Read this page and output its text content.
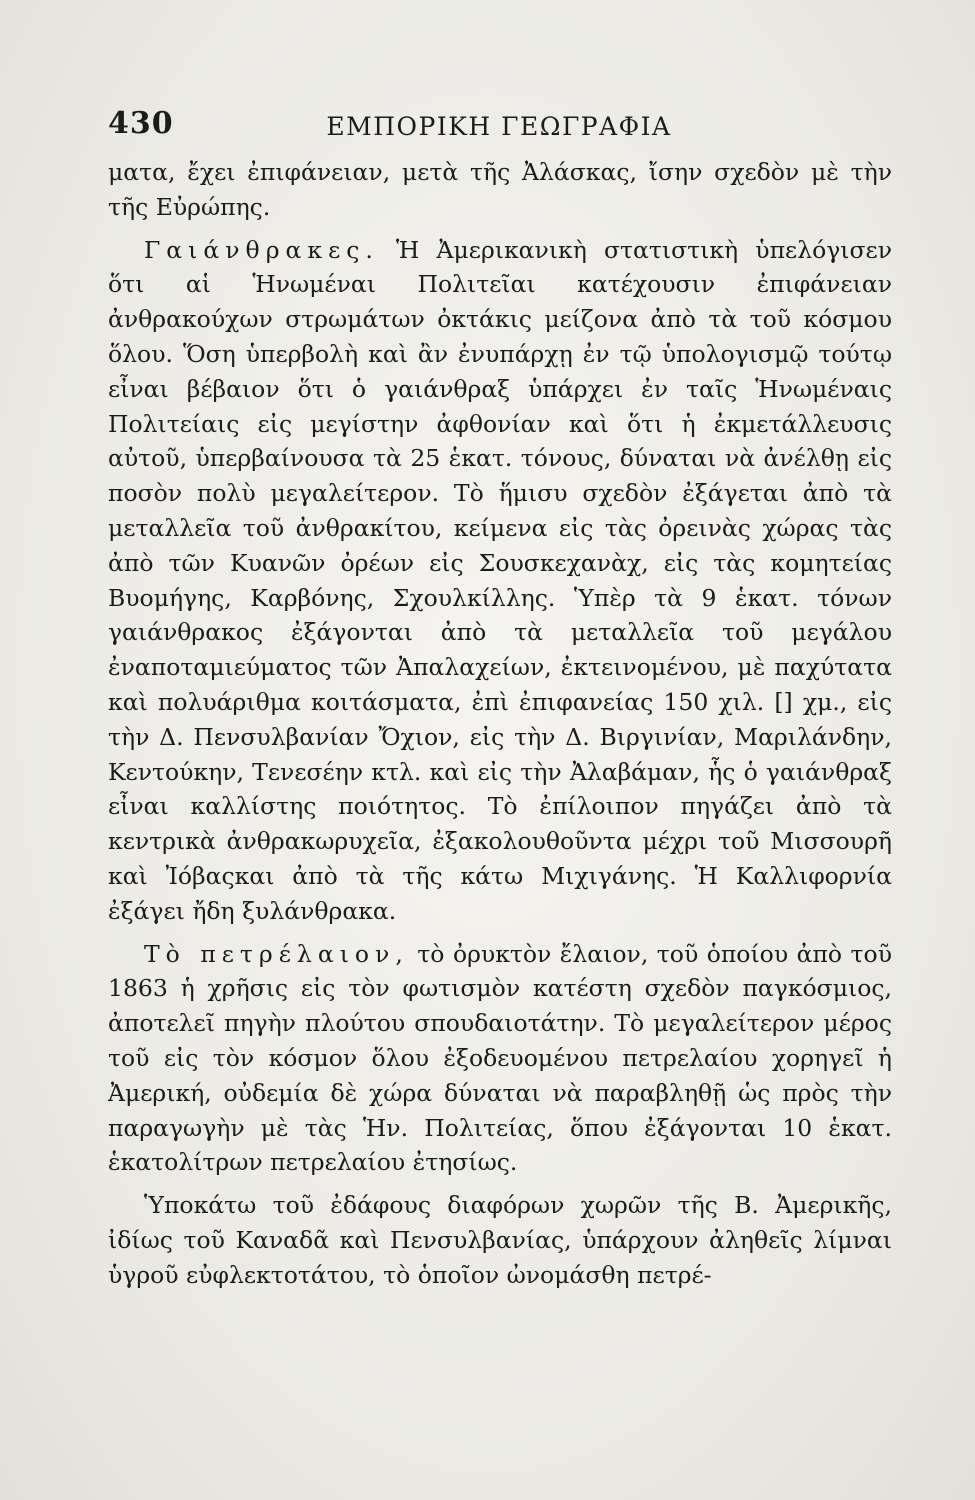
430	ΕΜΠΟΡΙΚΗ ΓΕΩΓΡΑΦΙΑ

ματα, ἔχει ἐπιφάνειαν, μετὰ τῆς Ἀλάσκας, ἴσην σχεδὸν μὲ τὴν τῆς Εὐρώπης.

Γαιάνθρακες. Ἡ Ἀμερικανικὴ στατιστικὴ ὑπελόγισεν ὅτι αἱ Ἡνωμέναι Πολιτεῖαι κατέχουσιν ἐπιφάνειαν ἀνθρακούχων στρωμάτων ὀκτάκις μείζονα ἀπὸ τὰ τοῦ κόσμου ὅλου. Ὅση ὑπερβολὴ καὶ ἂν ἐνυπάρχῃ ἐν τῷ ὑπολογισμῷ τούτῳ εἶναι βέβαιον ὅτι ὁ γαιάνθραξ ὑπάρχει ἐν ταῖς Ἡνωμέναις Πολιτείαις εἰς μεγίστην ἀφθονίαν καὶ ὅτι ἡ ἐκμετάλλευσις αὐτοῦ, ὑπερβαίνουσα τὰ 25 ἑκατ. τόνους, δύναται νὰ ἀνέλθῃ εἰς ποσὸν πολὺ μεγαλείτερον. Τὸ ἥμισυ σχεδὸν ἐξάγεται ἀπὸ τὰ μεταλλεῖα τοῦ ἀνθρακίτου, κείμενα εἰς τὰς ὀρεινὰς χώρας τὰς ἀπὸ τῶν Κυανῶν ὀρέων εἰς Σουσκεχανὰχ, εἰς τὰς κομητείας Βυομήγης, Καρβόνης, Σχουλκίλλης. Ὑπὲρ τὰ 9 ἑκατ. τόνων γαιάνθρακος ἐξάγονται ἀπὸ τὰ μεταλλεῖα τοῦ μεγάλου ἐναποταμιεύματος τῶν Ἀπαλαχείων, ἐκτεινομένου, μὲ παχύτατα καὶ πολυάριθμα κοιτάσματα, ἐπὶ ἐπιφανείας 150 χιλ. [] χμ., εἰς τὴν Δ. Πενσυλβανίαν Ὄχιον, εἰς τὴν Δ. Βιργινίαν, Μαριλάνδην, Κεντούκην, Τενεσέην κτλ. καὶ εἰς τὴν Ἀλαβάμαν, ἧς ὁ γαιάνθραξ εἶναι καλλίστης ποιότητος. Τὸ ἐπίλοιπον πηγάζει ἀπὸ τὰ κεντρικὰ ἀνθρακωρυχεῖα, ἐξακολουθοῦντα μέχρι τοῦ Μισσουρῆ καὶ Ἰόβαςκαι ἀπὸ τὰ τῆς κάτω Μιχιγάνης. Ἡ Καλλιφορνία ἐξάγει ἤδη ξυλάνθρακα.

Τὸ πετρέλαιον, τὸ ὀρυκτὸν ἔλαιον, τοῦ ὁποίου ἀπὸ τοῦ 1863 ἡ χρῆσις εἰς τὸν φωτισμὸν κατέστη σχεδὸν παγκόσμιος, ἀποτελεῖ πηγὴν πλούτου σπουδαιοτάτην. Τὸ μεγαλείτερον μέρος τοῦ εἰς τὸν κόσμον ὅλου ἐξοδευομένου πετρελαίου χορηγεῖ ἡ Ἀμερική, οὐδεμία δὲ χώρα δύναται νὰ παραβληθῇ ὡς πρὸς τὴν παραγωγὴν μὲ τὰς Ἡν. Πολιτείας, ὅπου ἐξάγονται 10 ἑκατ. ἑκατολίτρων πετρελαίου ἐτησίως.

Ὑποκάτω τοῦ ἐδάφους διαφόρων χωρῶν τῆς Β. Ἀμερικῆς, ἰδίως τοῦ Καναδᾶ καὶ Πενσυλβανίας, ὑπάρχουν ἀληθεῖς λίμναι ὑγροῦ εὐφλεκτοτάτου, τὸ ὁποῖον ὠνομάσθη πετρέ-
